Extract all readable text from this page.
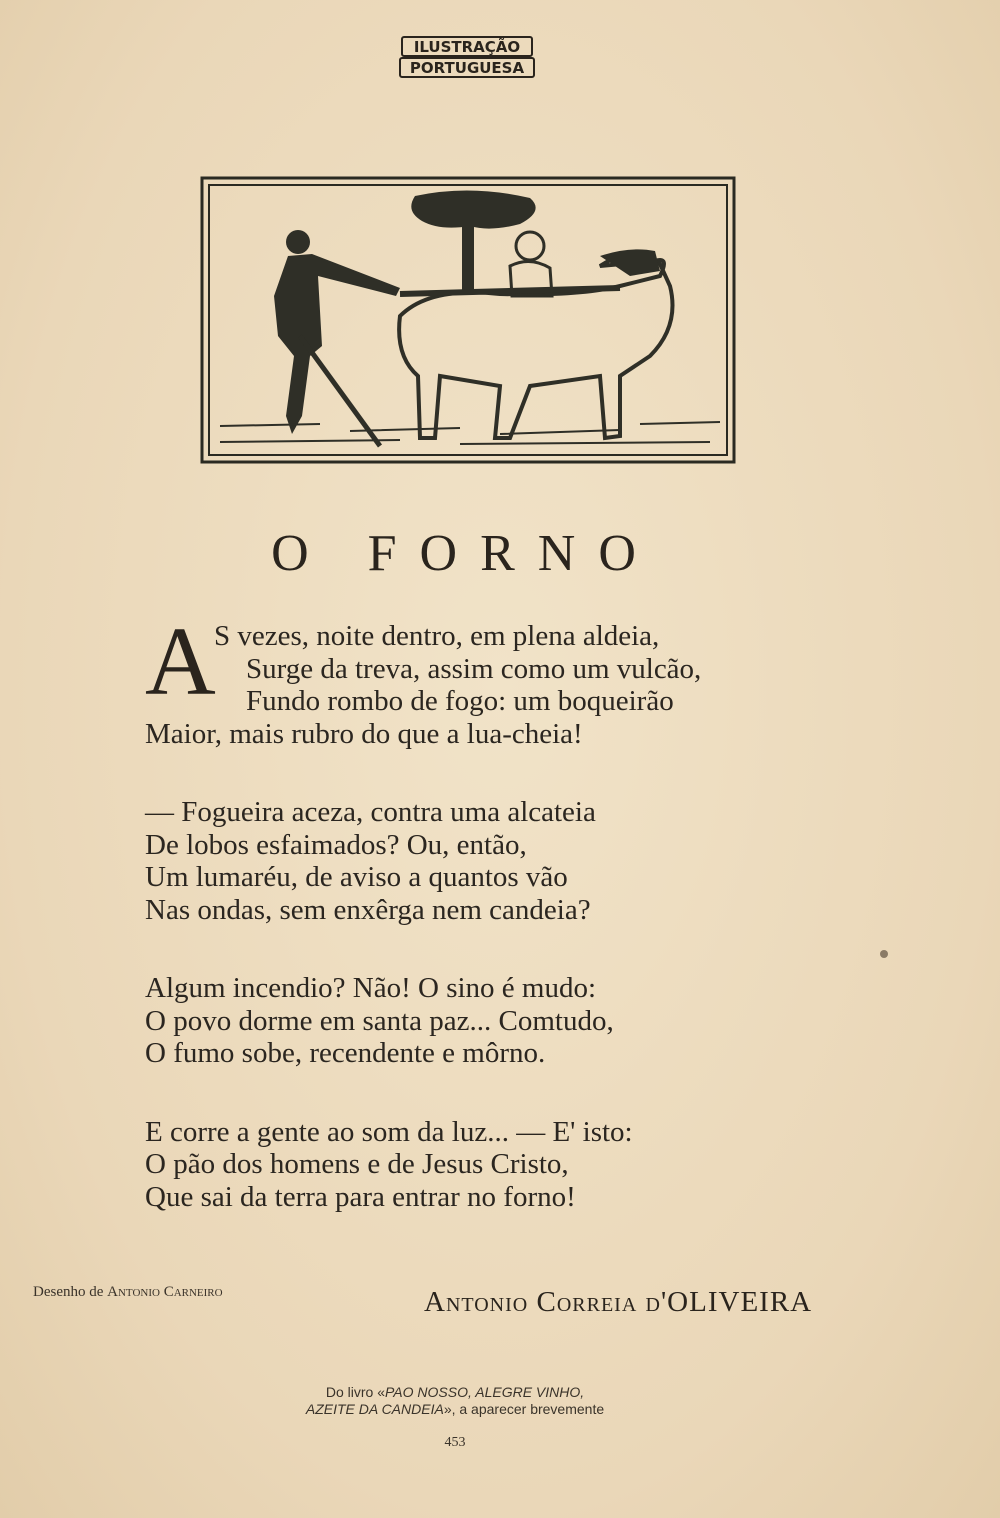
ILUSTRAÇÃO
PORTUGUESA
O FORNO
A
S vezes, noite dentro, em plena aldeia,
Surge da treva, assim como um vulcão,
Fundo rombo de fogo: um boqueirão
Maior, mais rubro do que a lua-cheia!
— Fogueira aceza, contra uma alcateia
De lobos esfaimados? Ou, então,
Um lumaréu, de aviso a quantos vão
Nas ondas, sem enxêrga nem candeia?
Algum incendio? Não! O sino é mudo:
O povo dorme em santa paz... Comtudo,
O fumo sobe, recendente e môrno.
E corre a gente ao som da luz... — E' isto:
O pão dos homens e de Jesus Cristo,
Que sai da terra para entrar no forno!
Desenho de Antonio Carneiro	Antonio Correia d'OLIVEIRA
Do livro «PAO NOSSO, ALEGRE VINHO,
AZEITE DA CANDEIA», a aparecer brevemente
453
